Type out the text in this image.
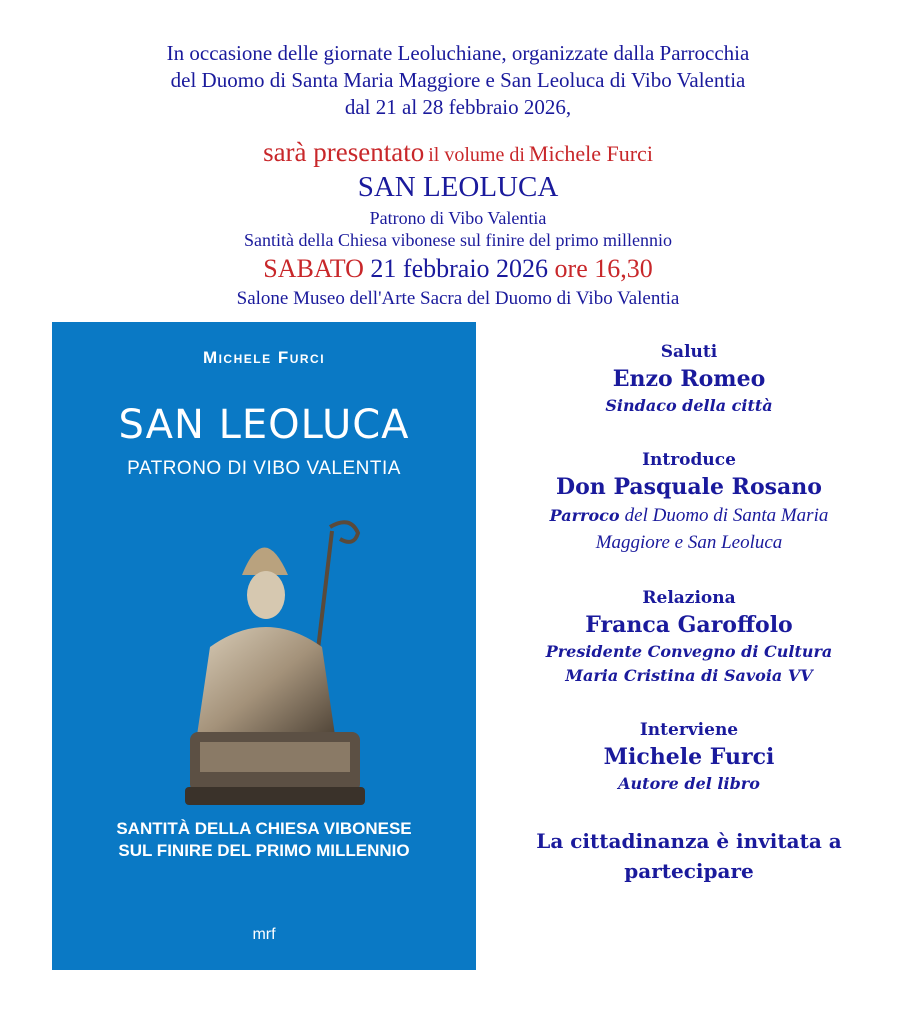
In occasione delle giornate Leoluchiane, organizzate dalla Parrocchia
del Duomo di Santa Maria Maggiore e San Leoluca di Vibo Valentia
dal 21 al 28 febbraio 2026,
sarà presentato il volume di Michele Furci
SAN LEOLUCA
Patrono di Vibo Valentia
Santità della Chiesa vibonese sul finire del primo millennio
SABATO 21 febbraio 2026 ore 16,30
Salone Museo dell'Arte Sacra del Duomo di Vibo Valentia
Michele Furci
SAN LEOLUCA
PATRONO DI VIBO VALENTIA
SANTITÀ DELLA CHIESA VIBONESE
SUL FINIRE DEL PRIMO MILLENNIO
mrf
Saluti
Enzo Romeo
Sindaco della città
Introduce
Don Pasquale Rosano
Parroco del Duomo di Santa Maria
Maggiore e San Leoluca
Relaziona
Franca Garoffolo
Presidente Convegno di Cultura
Maria Cristina di Savoia VV
Interviene
Michele Furci
Autore del libro
La cittadinanza è invitata a
partecipare
